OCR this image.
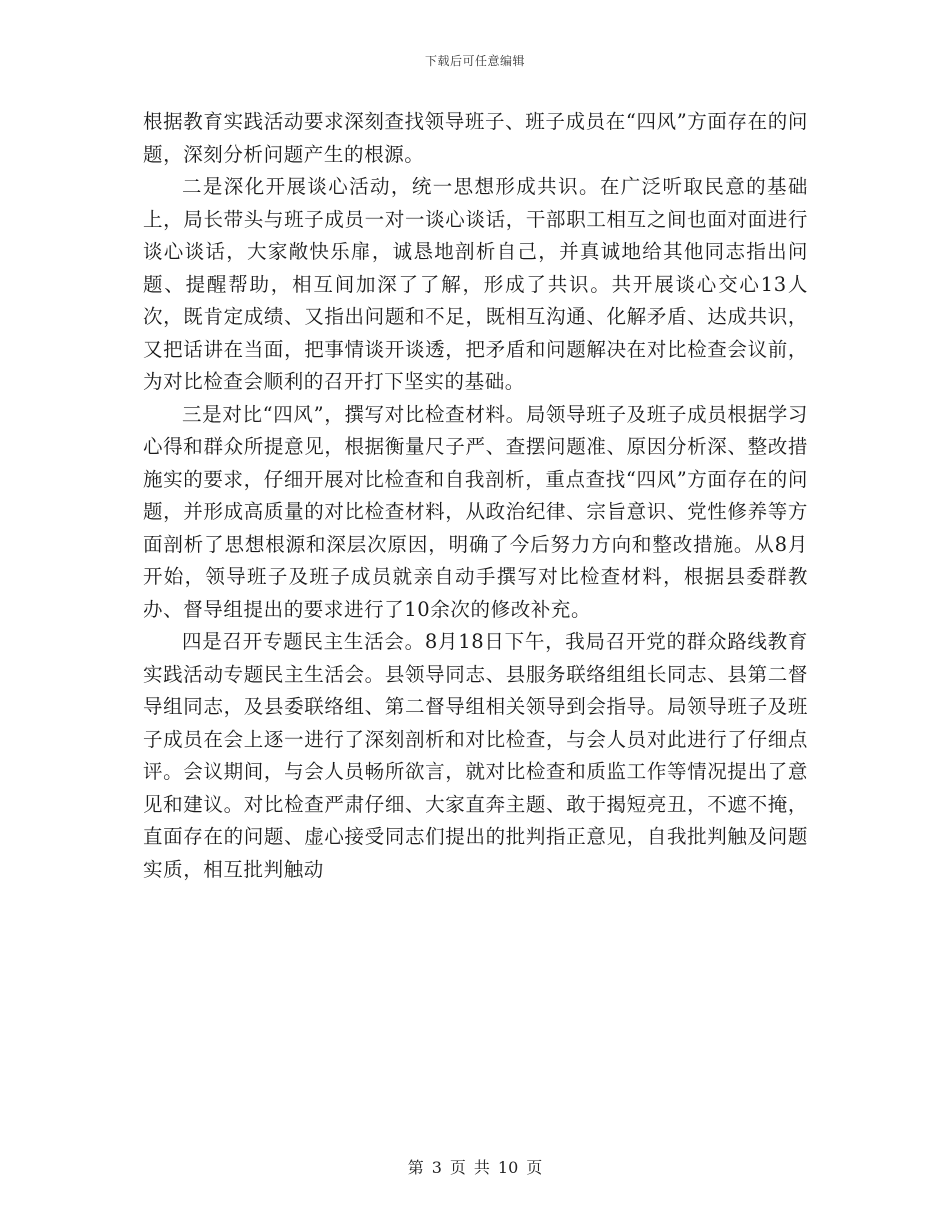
下载后可任意编辑

根据教育实践活动要求深刻查找领导班子、班子成员在“四风”方面存在的问题，深刻分析问题产生的根源。

二是深化开展谈心活动，统一思想形成共识。在广泛听取民意的基础上，局长带头与班子成员一对一谈心谈话，干部职工相互之间也面对面进行谈心谈话，大家敞快乐扉，诚恳地剖析自己，并真诚地给其他同志指出问题、提醒帮助，相互间加深了了解，形成了共识。共开展谈心交心13人次，既肯定成绩、又指出问题和不足，既相互沟通、化解矛盾、达成共识，又把话讲在当面，把事情谈开谈透，把矛盾和问题解决在对比检查会议前，为对比检查会顺利的召开打下坚实的基础。

三是对比“四风”，撰写对比检查材料。局领导班子及班子成员根据学习心得和群众所提意见，根据衡量尺子严、查摆问题准、原因分析深、整改措施实的要求，仔细开展对比检查和自我剖析，重点查找“四风”方面存在的问题，并形成高质量的对比检查材料，从政治纪律、宗旨意识、党性修养等方面剖析了思想根源和深层次原因，明确了今后努力方向和整改措施。从8月开始，领导班子及班子成员就亲自动手撰写对比检查材料，根据县委群教办、督导组提出的要求进行了10余次的修改补充。

四是召开专题民主生活会。8月18日下午，我局召开党的群众路线教育实践活动专题民主生活会。县领导同志、县服务联络组组长同志、县第二督导组同志，及县委联络组、第二督导组相关领导到会指导。局领导班子及班子成员在会上逐一进行了深刻剖析和对比检查，与会人员对此进行了仔细点评。会议期间，与会人员畅所欲言，就对比检查和质监工作等情况提出了意见和建议。对比检查严肃仔细、大家直奔主题、敢于揭短亮丑，不遮不掩，直面存在的问题、虚心接受同志们提出的批判指正意见，自我批判触及问题实质，相互批判触动

第 3 页 共 10 页
